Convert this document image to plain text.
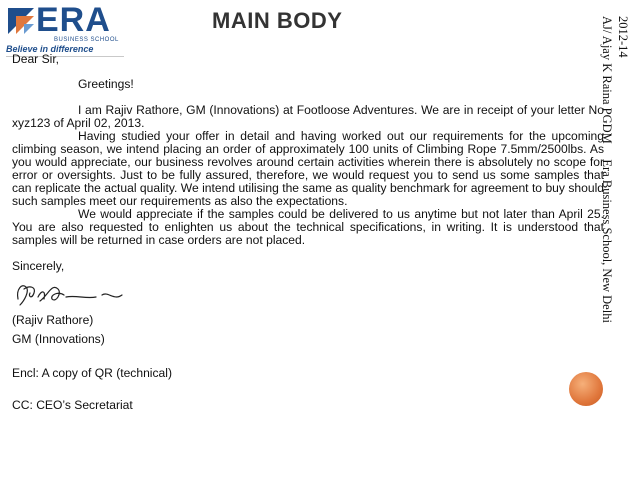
ERA
BUSINESS SCHOOL
Believe in difference
MAIN BODY	AJ/ Ajay K Raina PGDM     Era Business School, New Delhi
2012-14

Dear Sir,

Greetings!

I am Rajiv Rathore, GM (Innovations) at Footloose Adventures. We are in receipt of your letter No xyz123 of April 02, 2013.

Having studied your offer in detail and having worked out our requirements for the upcoming climbing season, we intend placing an order of approximately 100 units of Climbing Rope 7.5mm/2500lbs. As you would appreciate, our business revolves around certain activities wherein there is absolutely no scope for error or oversights. Just to be fully assured, therefore, we would request you to send us some samples that can replicate the actual quality. We intend utilising the same as quality benchmark for agreement to buy should such samples meet our requirements as also the expectations.

We would appreciate if the samples could be delivered to us anytime but not later than April 25. You are also requested to enlighten us about the technical specifications, in writing. It is understood that samples will be returned in case orders are not placed.

Sincerely,

(Rajiv Rathore)

GM (Innovations)

Encl: A copy of QR (technical)

CC: CEO’s Secretariat
